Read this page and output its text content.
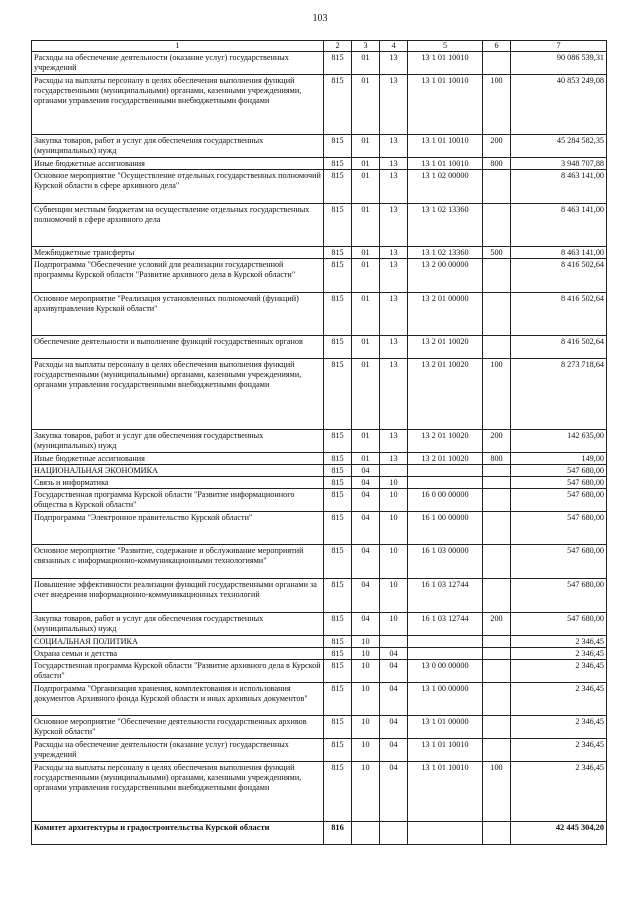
103
1	2	3	4	5	6	7
Расходы на обеспечение деятельности (оказание услуг) государственных учреждений	815	01	13	13 1 01 10010		90 086 539,31
Расходы на выплаты персоналу в целях обеспечения выполнения функций государственными (муниципальными) органами, казенными учреждениями, органами управления государственными внебюджетными фондами	815	01	13	13 1 01 10010	100	40 853 249,08
Закупка товаров, работ и услуг для обеспечения государственных (муниципальных) нужд	815	01	13	13 1 01 10010	200	45 284 582,35
Иные бюджетные ассигнования	815	01	13	13 1 01 10010	800	3 948 707,88
Основное мероприятие "Осуществление отдельных государственных полномочий Курской области в сфере архивного дела"	815	01	13	13 1 02 00000		8 463 141,00
Субвенции местным бюджетам на осуществление отдельных государственных полномочий в сфере архивного дела	815	01	13	13 1 02 13360		8 463 141,00
Межбюджетные трансферты	815	01	13	13 1 02 13360	500	8 463 141,00
Подпрограмма "Обеспечение условий для реализации государственной программы Курской области "Развитие архивного дела в Курской области"	815	01	13	13 2 00 00000		8 416 502,64
Основное мероприятие "Реализация установленных полномочий (функций) архивуправления Курской области"	815	01	13	13 2 01 00000		8 416 502,64
Обеспечение деятельности и выполнение функций государственных органов	815	01	13	13 2 01 10020		8 416 502,64
Расходы на выплаты персоналу в целях обеспечения выполнения функций государственными (муниципальными) органами, казенными учреждениями, органами управления государственными внебюджетными фондами	815	01	13	13 2 01 10020	100	8 273 718,64
Закупка товаров, работ и услуг для обеспечения государственных (муниципальных) нужд	815	01	13	13 2 01 10020	200	142 635,00
Иные бюджетные ассигнования	815	01	13	13 2 01 10020	800	149,00
НАЦИОНАЛЬНАЯ ЭКОНОМИКА	815	04				547 680,00
Связь и информатика	815	04	10			547 680,00
Государственная программа Курской области "Развитие информационного общества в Курской области"	815	04	10	16 0 00 00000		547 680,00
Подпрограмма "Электронное правительство Курской области"	815	04	10	16 1 00 00000		547 680,00
Основное мероприятие "Развитие, содержание и обслуживание мероприятий связанных с информационно-коммуникационными технологиями"	815	04	10	16 1 03 00000		547 680,00
Повышение эффективности реализации функций государственными органами за счет внедрения информационно-коммуникационных технологий	815	04	10	16 1 03 12744		547 680,00
Закупка товаров, работ и услуг для обеспечения государственных (муниципальных) нужд	815	04	10	16 1 03 12744	200	547 680,00
СОЦИАЛЬНАЯ ПОЛИТИКА	815	10				2 346,45
Охрана семьи и детства	815	10	04			2 346,45
Государственная программа Курской области "Развитие архивного дела в Курской области"	815	10	04	13 0 00 00000		2 346,45
Подпрограмма "Организация хранения, комплектования и использования документов Архивного фонда Курской области и иных архивных документов"	815	10	04	13 1 00 00000		2 346,45
Основное мероприятие "Обеспечение деятельности государственных архивов Курской области"	815	10	04	13 1 01 00000		2 346,45
Расходы на обеспечение деятельности (оказание услуг) государственных учреждений	815	10	04	13 1 01 10010		2 346,45
Расходы на выплаты персоналу в целях обеспечения выполнения функций государственными (муниципальными) органами, казенными учреждениями, органами управления государственными внебюджетными фондами	815	10	04	13 1 01 10010	100	2 346,45
Комитет архитектуры и градостроительства Курской области	816					42 445 304,20
